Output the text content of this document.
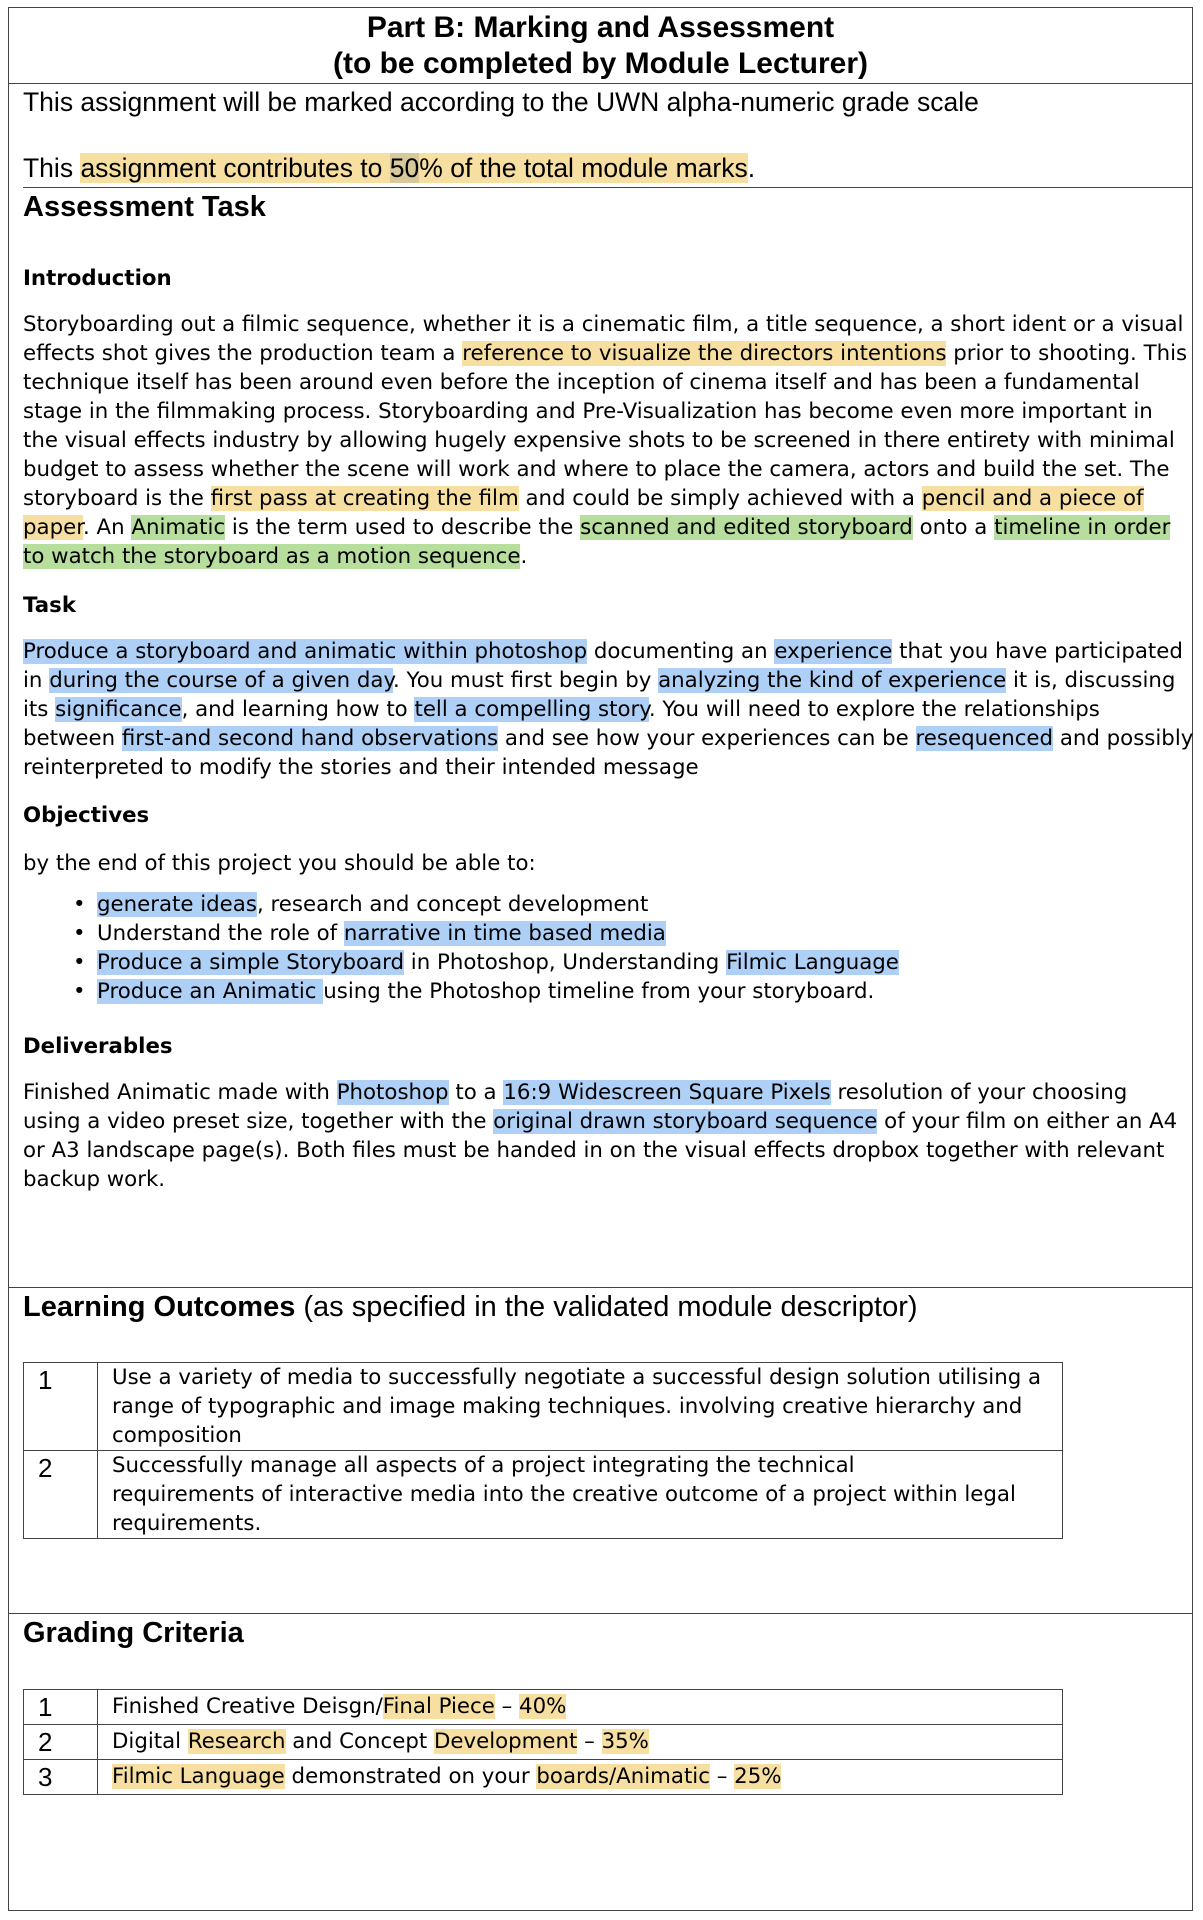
Part B: Marking and Assessment
(to be completed by Module Lecturer)
This assignment will be marked according to the UWN alpha-numeric grade scale
This assignment contributes to 50% of the total module marks.
Assessment Task
Introduction
Storyboarding out a filmic sequence, whether it is a cinematic film, a title sequence, a short ident or a visual
effects shot gives the production team a reference to visualize the directors intentions prior to shooting. This
technique itself has been around even before the inception of cinema itself and has been a fundamental
stage in the filmmaking process. Storyboarding and Pre-Visualization has become even more important in
the visual effects industry by allowing hugely expensive shots to be screened in there entirety with minimal
budget to assess whether the scene will work and where to place the camera, actors and build the set. The
storyboard is the first pass at creating the film and could be simply achieved with a pencil and a piece of
paper. An Animatic is the term used to describe the scanned and edited storyboard onto a timeline in order
to watch the storyboard as a motion sequence.
Task
Produce a storyboard and animatic within photoshop documenting an experience that you have participated
in during the course of a given day. You must first begin by analyzing the kind of experience it is, discussing
its significance, and learning how to tell a compelling story. You will need to explore the relationships
between first-and second hand observations and see how your experiences can be resequenced and possibly
reinterpreted to modify the stories and their intended message
Objectives
by the end of this project you should be able to:
• generate ideas, research and concept development
• Understand the role of narrative in time based media
• Produce a simple Storyboard in Photoshop, Understanding Filmic Language
• Produce an Animatic using the Photoshop timeline from your storyboard.
Deliverables
Finished Animatic made with Photoshop to a 16:9 Widescreen Square Pixels resolution of your choosing
using a video preset size, together with the original drawn storyboard sequence of your film on either an A4
or A3 landscape page(s). Both files must be handed in on the visual effects dropbox together with relevant
backup work.
Learning Outcomes (as specified in the validated module descriptor)
1	Use a variety of media to successfully negotiate a successful design solution utilising a
range of typographic and image making techniques. involving creative hierarchy and
composition

2	Successfully manage all aspects of a project integrating the technical
requirements of interactive media into the creative outcome of a project within legal
requirements.
Grading Criteria
1	Finished Creative Deisgn/Final Piece – 40%
2	Digital Research and Concept Development – 35%
3	Filmic Language demonstrated on your boards/Animatic – 25%
